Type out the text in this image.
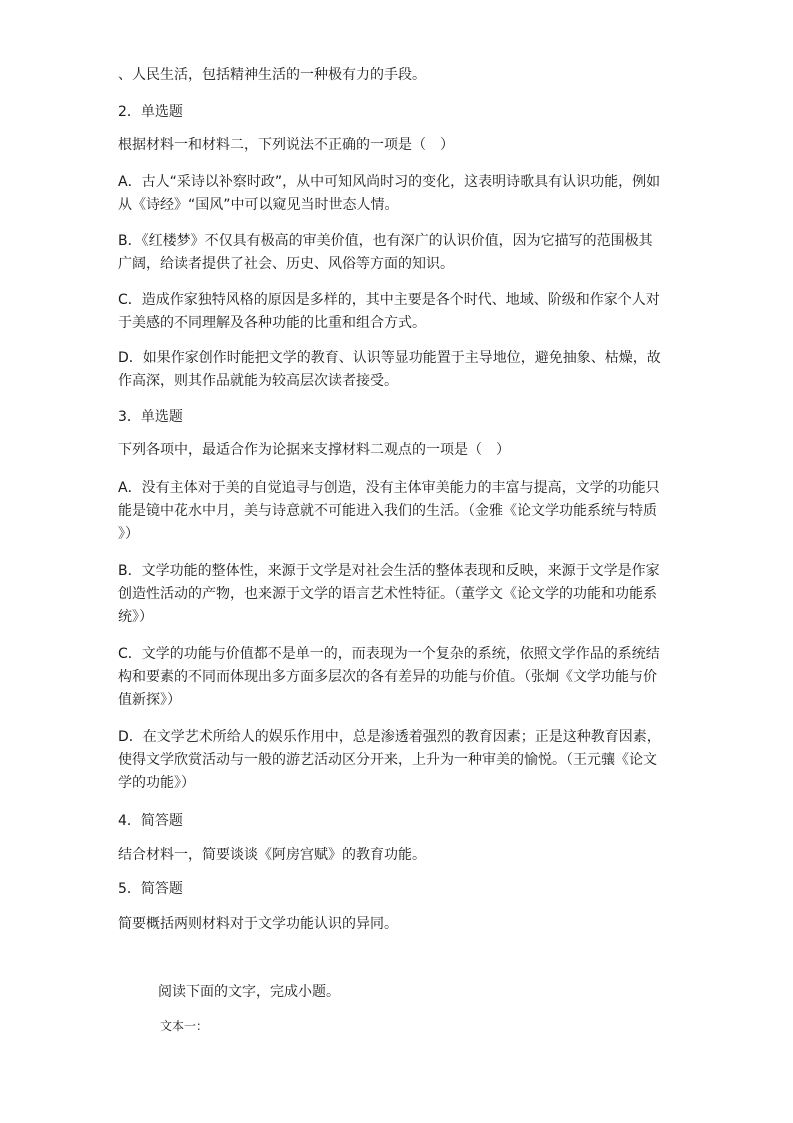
、人民生活，包括精神生活的一种极有力的手段。

2．单选题

根据材料一和材料二，下列说法不正确的一项是（　）

A．古人“采诗以补察时政”，从中可知风尚时习的变化，这表明诗歌具有认识功能，例如

从《诗经》“国风”中可以窥见当时世态人情。

B．《红楼梦》不仅具有极高的审美价值，也有深广的认识价值，因为它描写的范围极其

广阔，给读者提供了社会、历史、风俗等方面的知识。

C．造成作家独特风格的原因是多样的，其中主要是各个时代、地域、阶级和作家个人对

于美感的不同理解及各种功能的比重和组合方式。

D．如果作家创作时能把文学的教育、认识等显功能置于主导地位，避免抽象、枯燥，故

作高深，则其作品就能为较高层次读者接受。

3．单选题

下列各项中，最适合作为论据来支撑材料二观点的一项是（　）

A．没有主体对于美的自觉追寻与创造，没有主体审美能力的丰富与提高，文学的功能只

能是镜中花水中月，美与诗意就不可能进入我们的生活。（金雅《论文学功能系统与特质

》）

B．文学功能的整体性，来源于文学是对社会生活的整体表现和反映，来源于文学是作家

创造性活动的产物，也来源于文学的语言艺术性特征。（董学文《论文学的功能和功能系

统》）

C．文学的功能与价值都不是单一的，而表现为一个复杂的系统，依照文学作品的系统结

构和要素的不同而体现出多方面多层次的各有差异的功能与价值。（张炯《文学功能与价

值新探》）

D．在文学艺术所给人的娱乐作用中，总是渗透着强烈的教育因素；正是这种教育因素，

使得文学欣赏活动与一般的游艺活动区分开来，上升为一种审美的愉悦。（王元骧《论文

学的功能》）

4．简答题

结合材料一，简要谈谈《阿房宫赋》的教育功能。

5．简答题

简要概括两则材料对于文学功能认识的异同。

阅读下面的文字，完成小题。

文本一：
